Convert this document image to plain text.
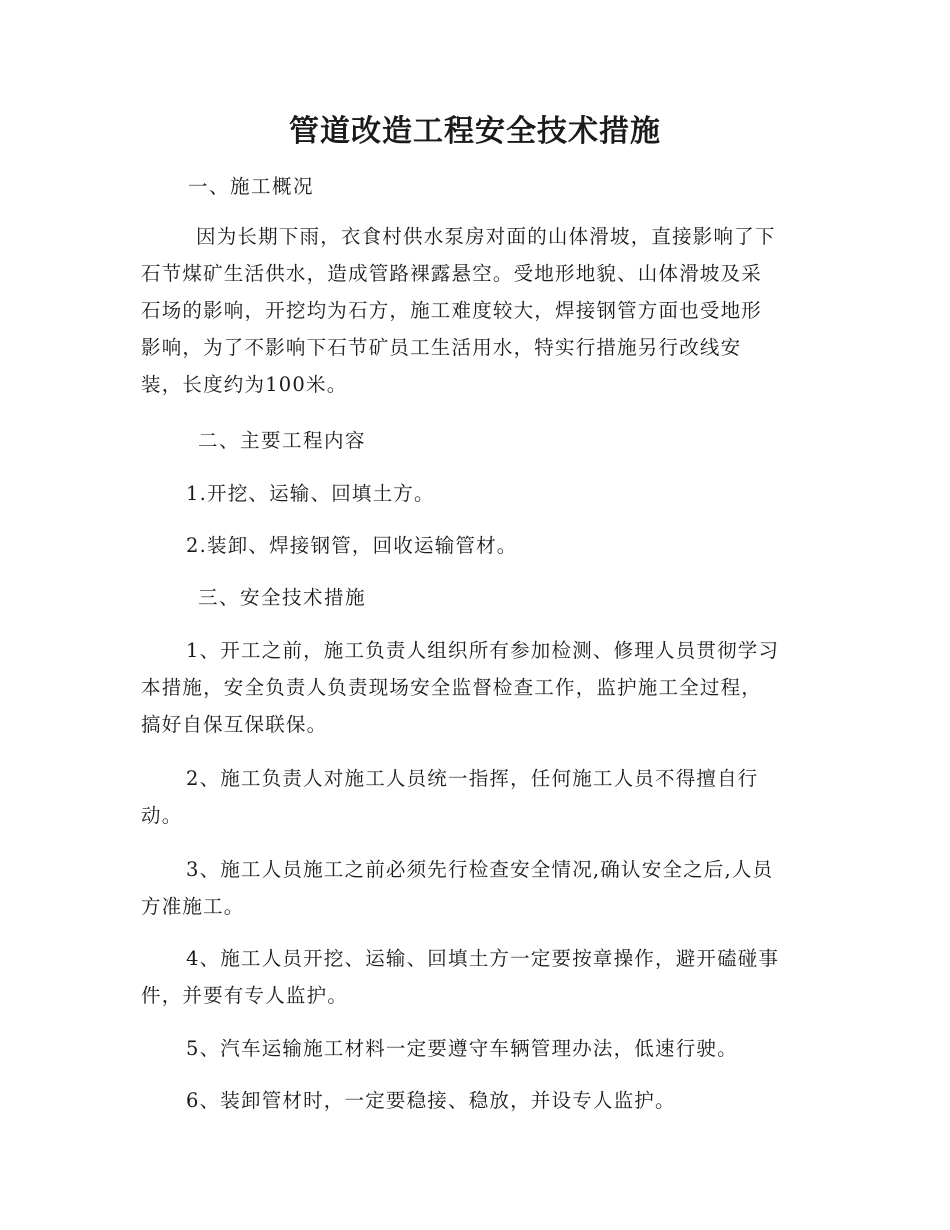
管道改造工程安全技术措施

一、施工概况

因为长期下雨，衣食村供水泵房对面的山体滑坡，直接影响了下

石节煤矿生活供水，造成管路裸露悬空。受地形地貌、山体滑坡及采

石场的影响，开挖均为石方，施工难度较大，焊接钢管方面也受地形

影响，为了不影响下石节矿员工生活用水，特实行措施另行改线安

装，长度约为100米。

二、主要工程内容

1.开挖、运输、回填土方。

2.装卸、焊接钢管，回收运输管材。

三、安全技术措施

1、开工之前，施工负责人组织所有参加检测、修理人员贯彻学习

本措施，安全负责人负责现场安全监督检查工作，监护施工全过程，

搞好自保互保联保。

2、施工负责人对施工人员统一指挥，任何施工人员不得擅自行

动。

3、施工人员施工之前必须先行检查安全情况,确认安全之后,人员

方准施工。

4、施工人员开挖、运输、回填土方一定要按章操作，避开磕碰事

件，并要有专人监护。

5、汽车运输施工材料一定要遵守车辆管理办法，低速行驶。

6、装卸管材时，一定要稳接、稳放，并设专人监护。
